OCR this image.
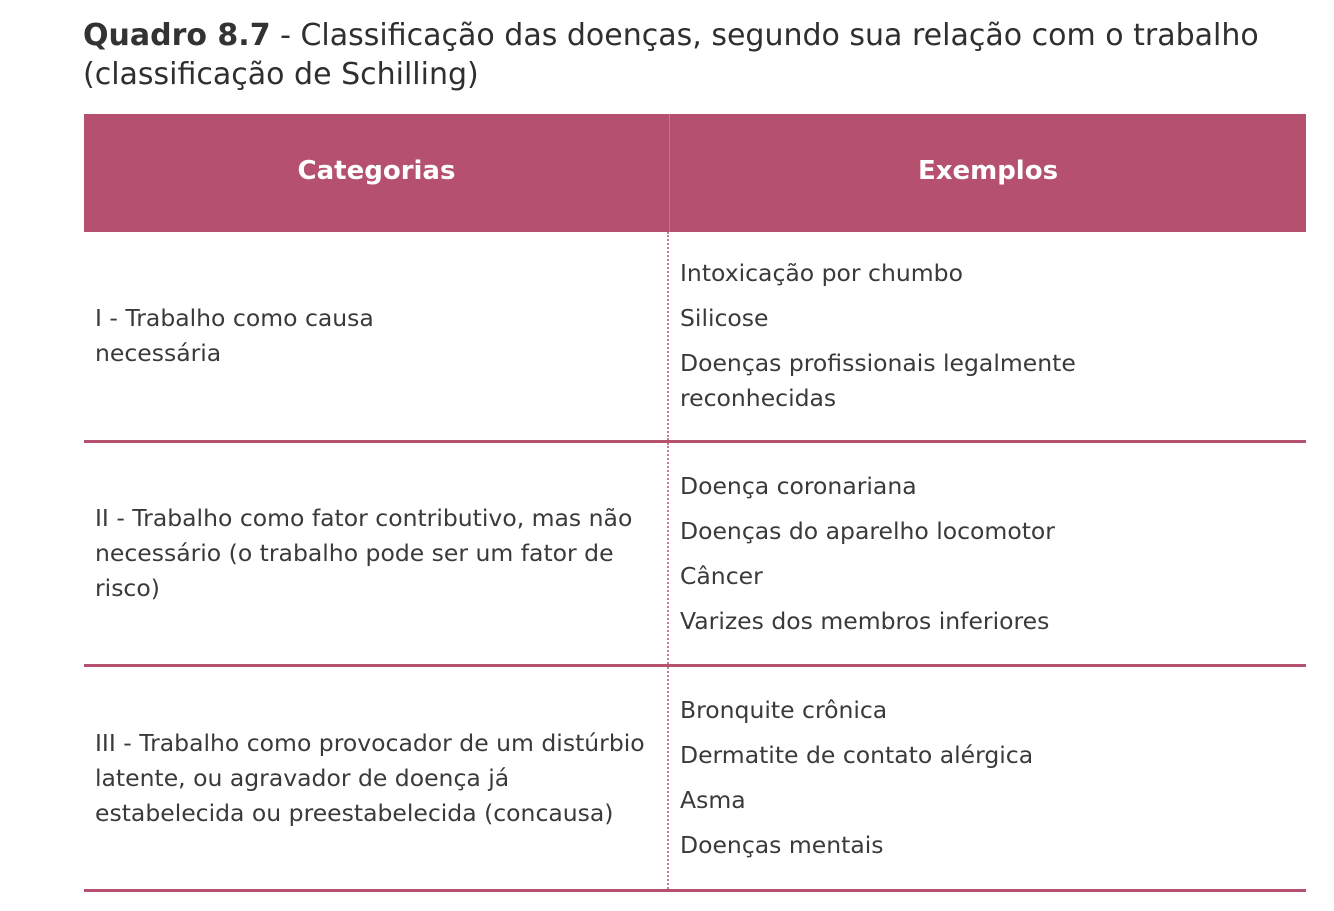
Quadro 8.7 - Classificação das doenças, segundo sua relação com o trabalho (classificação de Schilling)
Categorias	Exemplos
I - Trabalho como causa necessária
Intoxicação por chumbo
Silicose
Doenças profissionais legalmente reconhecidas
II - Trabalho como fator contributivo, mas não necessário (o trabalho pode ser um fator de risco)
Doença coronariana
Doenças do aparelho locomotor
Câncer
Varizes dos membros inferiores
III - Trabalho como provocador de um distúrbio latente, ou agravador de doença já estabelecida ou preestabelecida (concausa)
Bronquite crônica
Dermatite de contato alérgica
Asma
Doenças mentais
